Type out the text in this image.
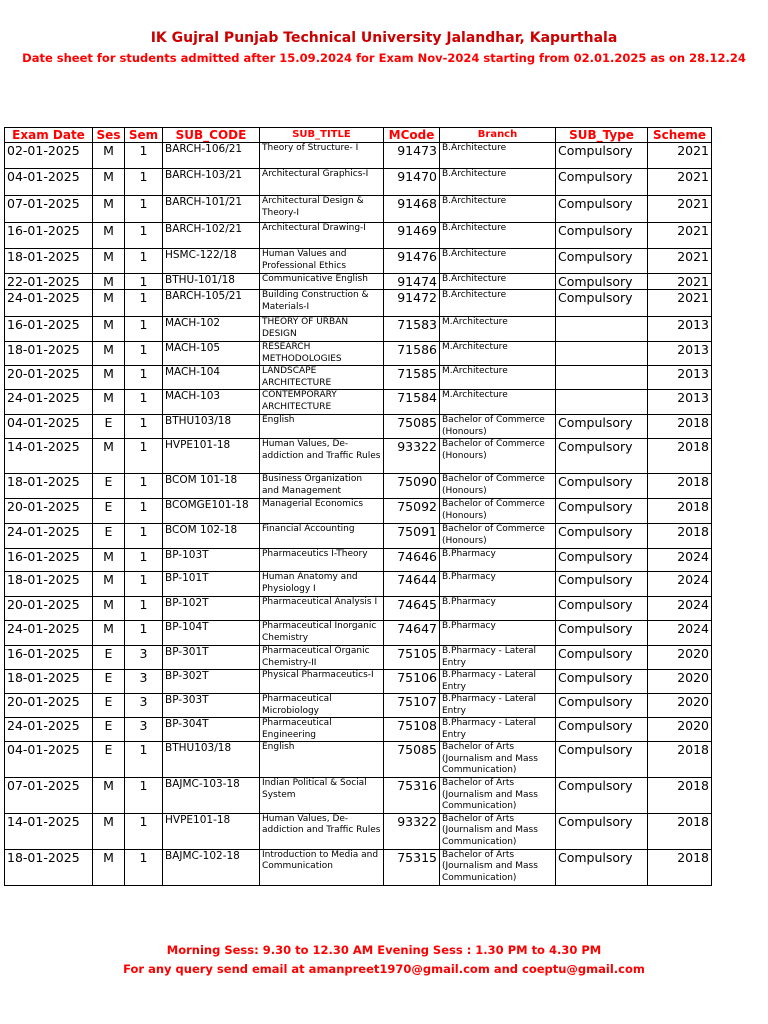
IK Gujral Punjab Technical University Jalandhar, Kapurthala
Date sheet for students admitted after 15.09.2024 for Exam Nov-2024 starting from 02.01.2025 as on 28.12.24
Exam Date	Ses	Sem	SUB_CODE	SUB_TITLE	MCode	Branch	SUB_Type	Scheme
02-01-2025	M	1	BARCH-106/21	Theory of Structure- I	91473	B.Architecture	Compulsory	2021
04-01-2025	M	1	BARCH-103/21	Architectural Graphics-I	91470	B.Architecture	Compulsory	2021
07-01-2025	M	1	BARCH-101/21	Architectural Design & Theory-I	91468	B.Architecture	Compulsory	2021
16-01-2025	M	1	BARCH-102/21	Architectural Drawing-I	91469	B.Architecture	Compulsory	2021
18-01-2025	M	1	HSMC-122/18	Human Values and Professional Ethics	91476	B.Architecture	Compulsory	2021
22-01-2025	M	1	BTHU-101/18	Communicative English	91474	B.Architecture	Compulsory	2021
24-01-2025	M	1	BARCH-105/21	Building Construction & Materials-I	91472	B.Architecture	Compulsory	2021
16-01-2025	M	1	MACH-102	THEORY OF URBAN DESIGN	71583	M.Architecture		2013
18-01-2025	M	1	MACH-105	RESEARCH METHODOLOGIES	71586	M.Architecture		2013
20-01-2025	M	1	MACH-104	LANDSCAPE ARCHITECTURE	71585	M.Architecture		2013
24-01-2025	M	1	MACH-103	CONTEMPORARY ARCHITECTURE	71584	M.Architecture		2013
04-01-2025	E	1	BTHU103/18	English	75085	Bachelor of Commerce (Honours)	Compulsory	2018
14-01-2025	M	1	HVPE101-18	Human Values, De-addiction and Traffic Rules	93322	Bachelor of Commerce (Honours)	Compulsory	2018
18-01-2025	E	1	BCOM 101-18	Business Organization and Management	75090	Bachelor of Commerce (Honours)	Compulsory	2018
20-01-2025	E	1	BCOMGE101-18	Managerial Economics	75092	Bachelor of Commerce (Honours)	Compulsory	2018
24-01-2025	E	1	BCOM 102-18	Financial Accounting	75091	Bachelor of Commerce (Honours)	Compulsory	2018
16-01-2025	M	1	BP-103T	Pharmaceutics I-Theory	74646	B.Pharmacy	Compulsory	2024
18-01-2025	M	1	BP-101T	Human Anatomy and Physiology I	74644	B.Pharmacy	Compulsory	2024
20-01-2025	M	1	BP-102T	Pharmaceutical Analysis I	74645	B.Pharmacy	Compulsory	2024
24-01-2025	M	1	BP-104T	Pharmaceutical Inorganic Chemistry	74647	B.Pharmacy	Compulsory	2024
16-01-2025	E	3	BP-301T	Pharmaceutical Organic Chemistry-II	75105	B.Pharmacy - Lateral Entry	Compulsory	2020
18-01-2025	E	3	BP-302T	Physical Pharmaceutics-I	75106	B.Pharmacy - Lateral Entry	Compulsory	2020
20-01-2025	E	3	BP-303T	Pharmaceutical Microbiology	75107	B.Pharmacy - Lateral Entry	Compulsory	2020
24-01-2025	E	3	BP-304T	Pharmaceutical Engineering	75108	B.Pharmacy - Lateral Entry	Compulsory	2020
04-01-2025	E	1	BTHU103/18	English	75085	Bachelor of Arts (Journalism and Mass Communication)	Compulsory	2018
07-01-2025	M	1	BAJMC-103-18	Indian Political & Social System	75316	Bachelor of Arts (Journalism and Mass Communication)	Compulsory	2018
14-01-2025	M	1	HVPE101-18	Human Values, De-addiction and Traffic Rules	93322	Bachelor of Arts (Journalism and Mass Communication)	Compulsory	2018
18-01-2025	M	1	BAJMC-102-18	Introduction to Media and Communication	75315	Bachelor of Arts (Journalism and Mass Communication)	Compulsory	2018
Morning Sess: 9.30 to 12.30 AM Evening Sess : 1.30 PM to 4.30 PM
For any query send email at amanpreet1970@gmail.com and coeptu@gmail.com
